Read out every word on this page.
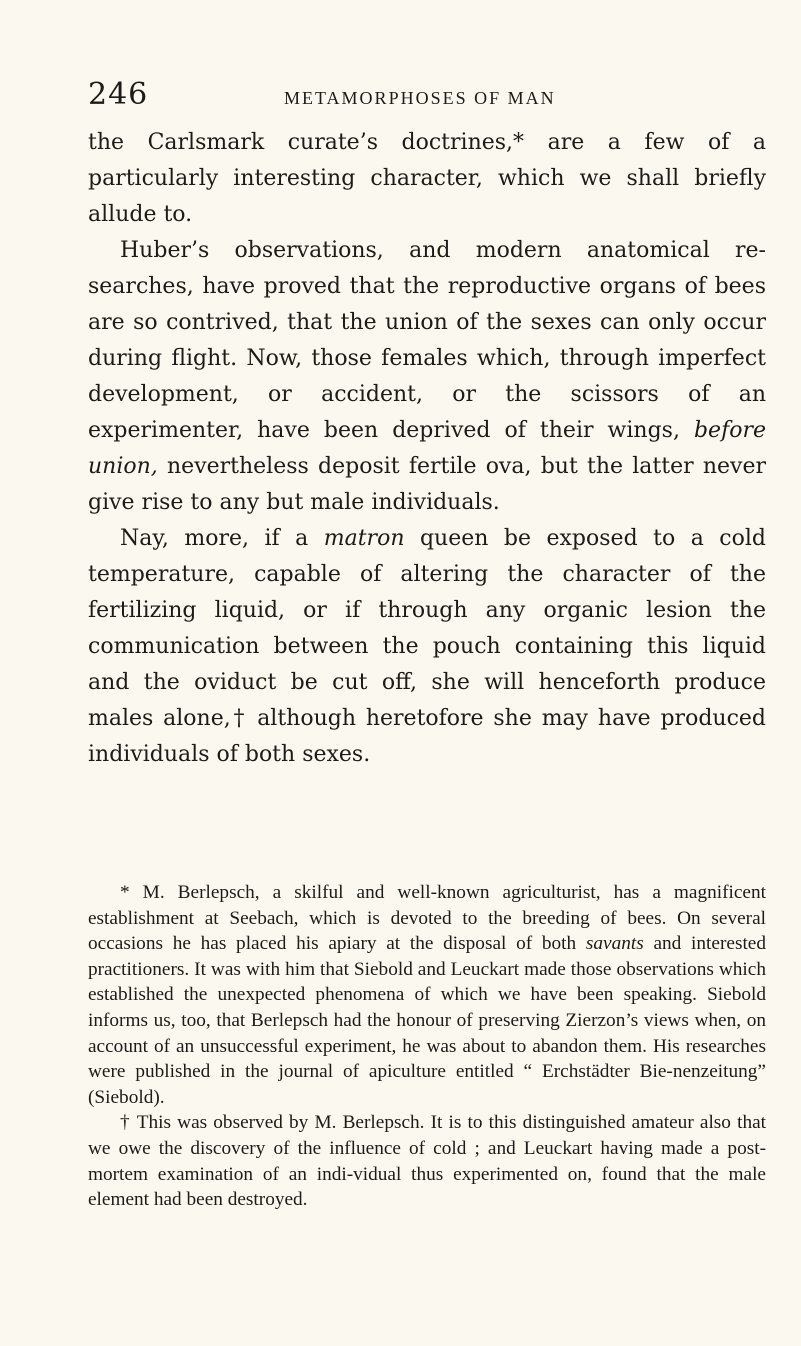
246	METAMORPHOSES OF MAN

the Carlsmark curate’s doctrines,* are a few of a particularly interesting character, which we shall briefly allude to.

Huber’s observations, and modern anatomical re-searches, have proved that the reproductive organs of bees are so contrived, that the union of the sexes can only occur during flight. Now, those females which, through imperfect development, or accident, or the scissors of an experimenter, have been deprived of their wings, before union, nevertheless deposit fertile ova, but the latter never give rise to any but male individuals.

Nay, more, if a matron queen be exposed to a cold temperature, capable of altering the character of the fertilizing liquid, or if through any organic lesion the communication between the pouch containing this liquid and the oviduct be cut off, she will henceforth produce males alone,† although heretofore she may have produced individuals of both sexes.

* M. Berlepsch, a skilful and well-known agriculturist, has a magnificent establishment at Seebach, which is devoted to the breeding of bees. On several occasions he has placed his apiary at the disposal of both savants and interested practitioners. It was with him that Siebold and Leuckart made those observations which established the unexpected phenomena of which we have been speaking. Siebold informs us, too, that Berlepsch had the honour of preserving Zierzon’s views when, on account of an unsuccessful experiment, he was about to abandon them. His researches were published in the journal of apiculture entitled “ Erchstädter Bie-nenzeitung” (Siebold).

† This was observed by M. Berlepsch. It is to this distinguished amateur also that we owe the discovery of the influence of cold ; and Leuckart having made a post-mortem examination of an indi-vidual thus experimented on, found that the male element had been destroyed.
